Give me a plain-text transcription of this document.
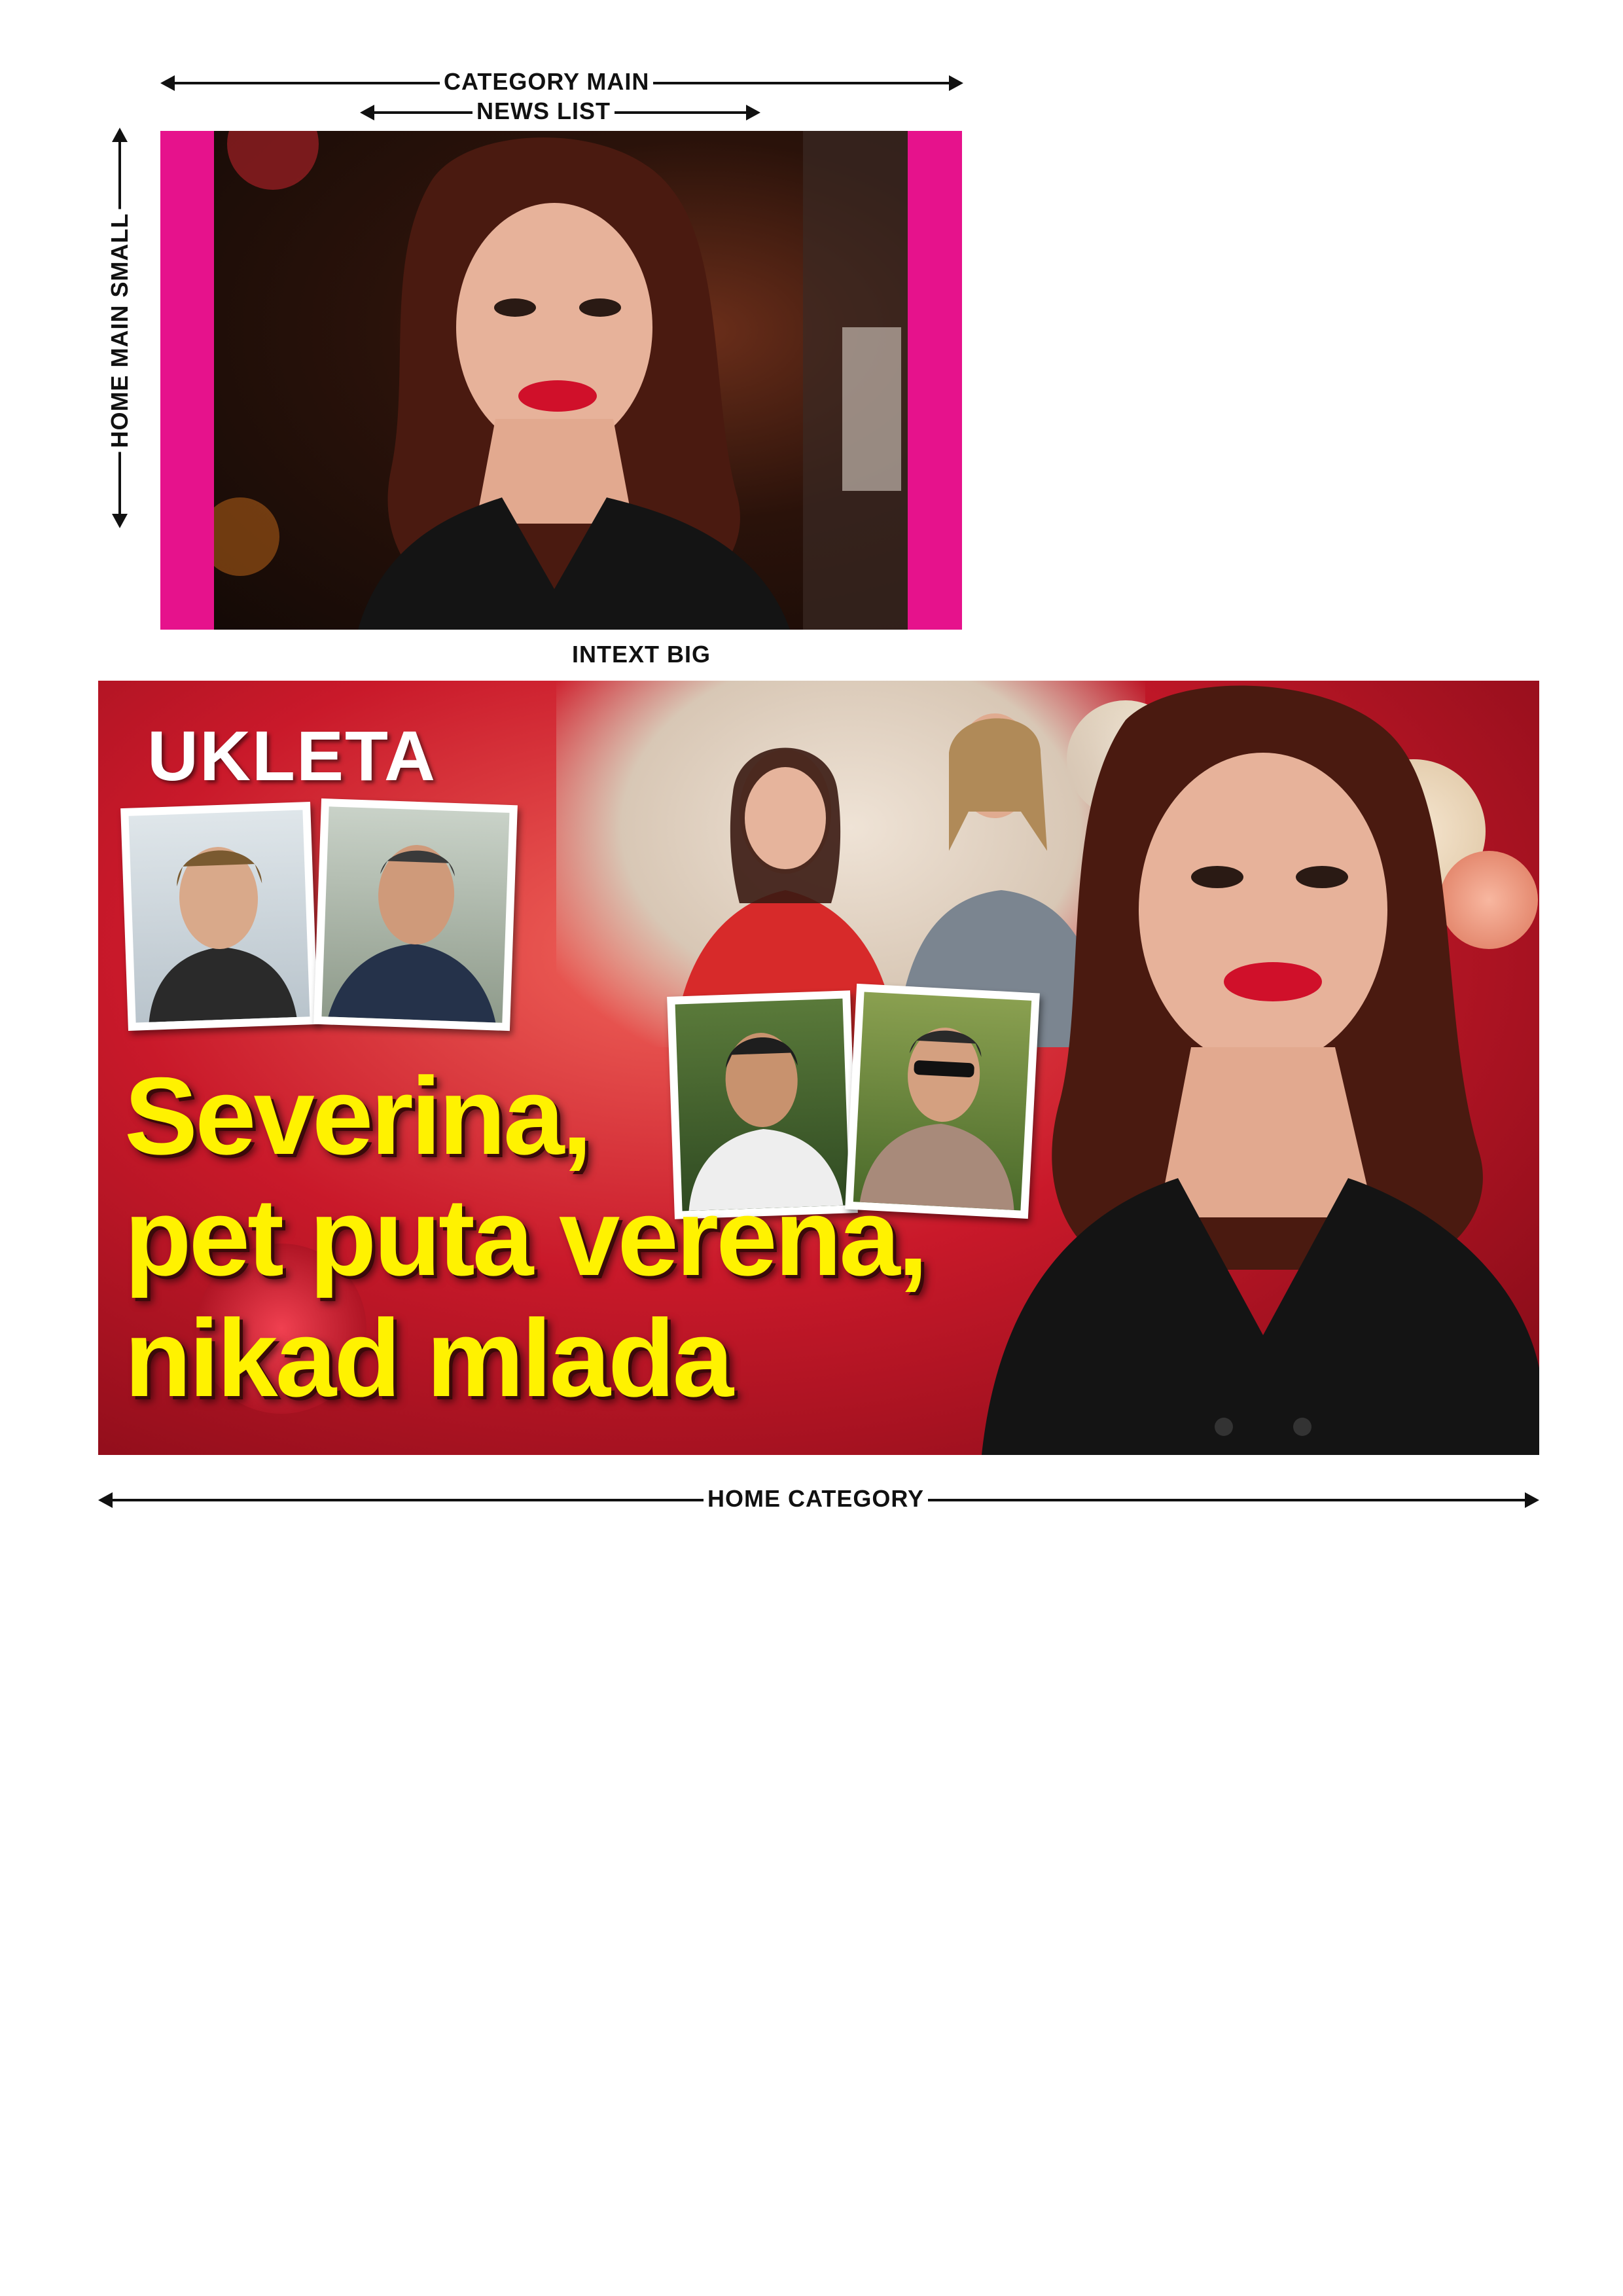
CATEGORY MAIN
NEWS LIST
HOME MAIN SMALL
INTEXT BIG
UKLETA
Severina,
pet puta verena,
nikad mlada
HOME CATEGORY
